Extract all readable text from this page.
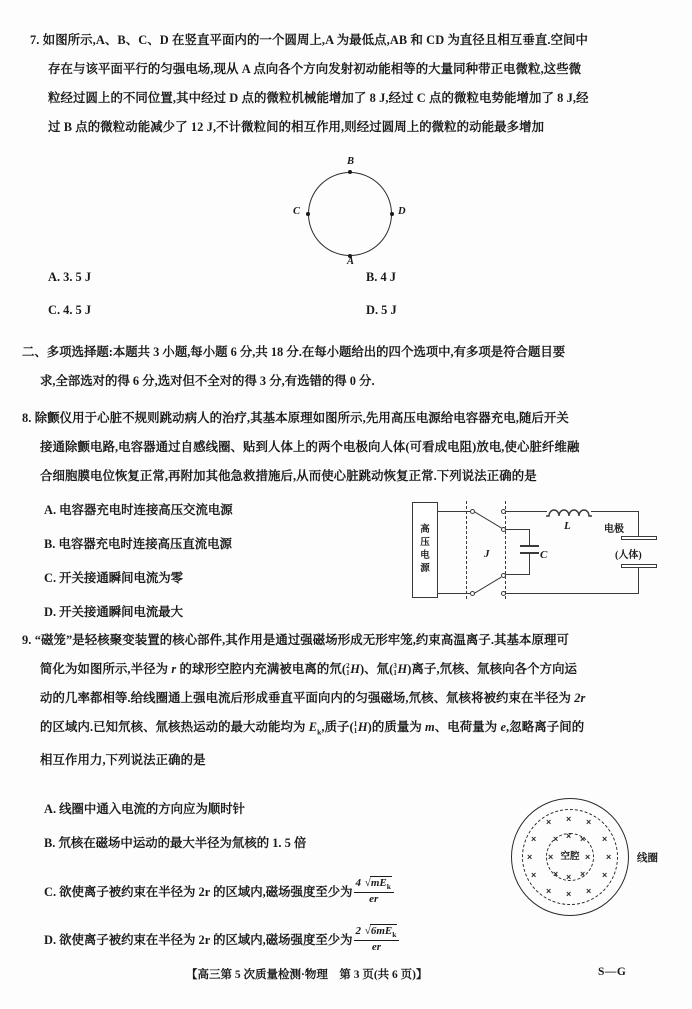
7. 如图所示,A、B、C、D 在竖直平面内的一个圆周上,A 为最低点,AB 和 CD 为直径且相互垂直.空间中
存在与该平面平行的匀强电场,现从 A 点向各个方向发射初动能相等的大量同种带正电微粒,这些微
粒经过圆上的不同位置,其中经过 D 点的微粒机械能增加了 8 J,经过 C 点的微粒电势能增加了 8 J,经
过 B 点的微粒动能减少了 12 J,不计微粒间的相互作用,则经过圆周上的微粒的动能最多增加
B
C	D
A
A. 3. 5 J	B. 4 J
C. 4. 5 J	D. 5 J
二、多项选择题:本题共 3 小题,每小题 6 分,共 18 分.在每小题给出的四个选项中,有多项是符合题目要
求,全部选对的得 6 分,选对但不全对的得 3 分,有选错的得 0 分.
8. 除颤仪用于心脏不规则跳动病人的治疗,其基本原理如图所示,先用高压电源给电容器充电,随后开关
接通除颤电路,电容器通过自感线圈、贴到人体上的两个电极向人体(可看成电阻)放电,使心脏纤维融
合细胞膜电位恢复正常,再附加其他急救措施后,从而使心脏跳动恢复正常.下列说法正确的是
A. 电容器充电时连接高压交流电源
B. 电容器充电时连接高压直流电源
C. 开关接通瞬间电流为零
D. 开关接通瞬间电流最大
高
压
电
源
J	C
L	电极
(人体)
9. “磁笼”是轻核聚变装置的核心部件,其作用是通过强磁场形成无形牢笼,约束高温离子.其基本原理可
简化为如图所示,半径为 r 的球形空腔内充满被电离的氘( 2
1 H)、氚( 3
1 H)离子,氘核、氚核向各个方向运
动的几率都相等.给线圈通上强电流后形成垂直平面向内的匀强磁场,氘核、氚核将被约束在半径为 2r
的区域内.已知氘核、氚核热运动的最大动能均为 $E_k$,质子( 1
1 H)的质量为 m、电荷量为 e,忽略离子间的
相互作用力,下列说法正确的是
A. 线圈中通入电流的方向应为顺时针
B. 氘核在磁场中运动的最大半径为氚核的 1. 5 倍
C. 欲使离子被约束在半径为 2r 的区域内,磁场强度至少为 $\frac{4 √mE_k}{er}$
D. 欲使离子被约束在半径为 2r 的区域内,磁场强度至少为 $\frac{2 √6mE_k}{er}$
空腔	线圈
× × ×
×	×
×	×
×	×
× × ×
× × ×
×	×
× × ×
【高三第 5 次质量检测·物理　第 3 页(共 6 页)】	S—G
